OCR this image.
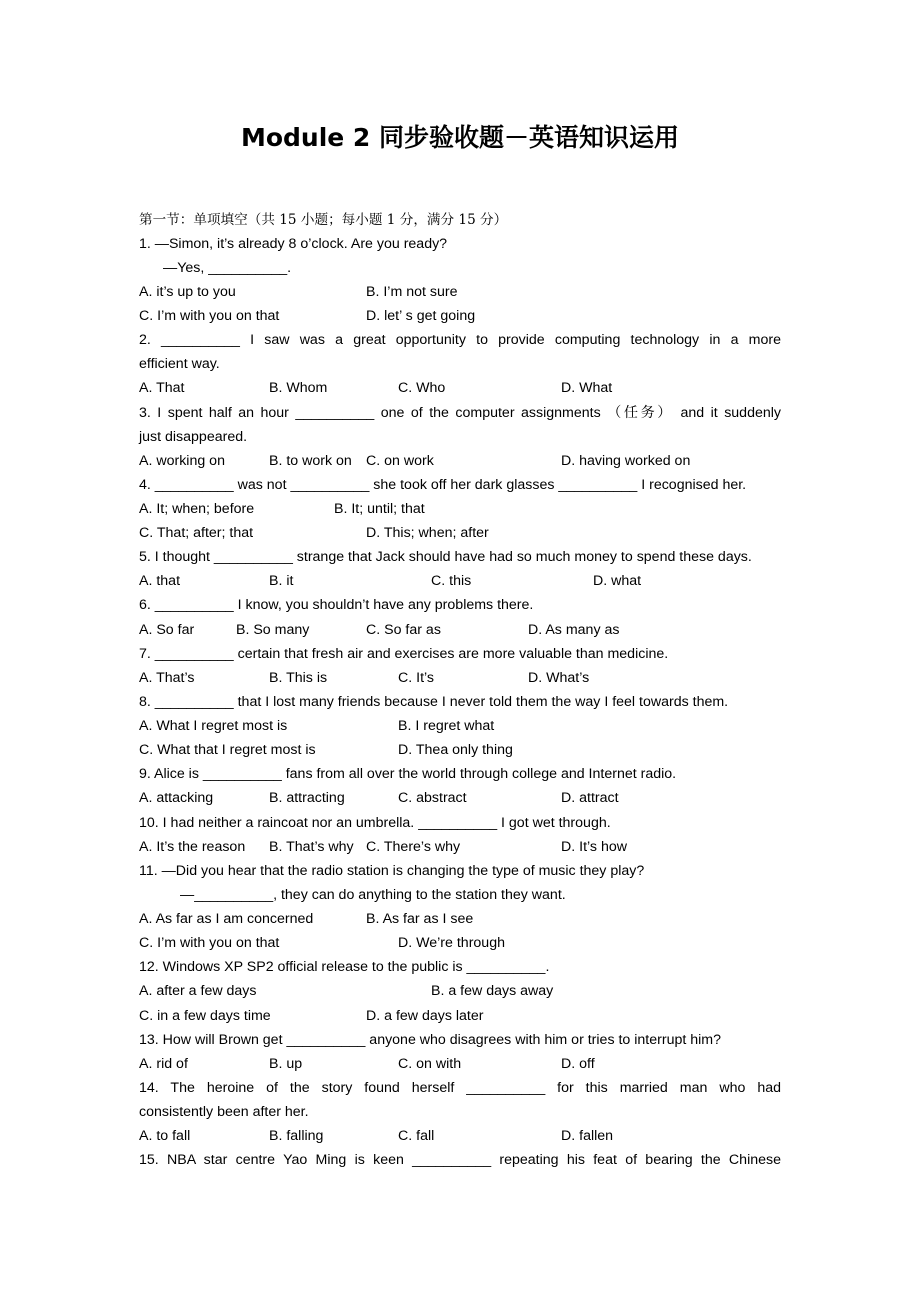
Module 2 同步验收题－英语知识运用
第一节：单项填空（共 15 小题；每小题 1 分，满分 15 分）
1. —Simon, it’s already 8 o’clock. Are you ready?
—Yes, __________.
A. it’s up to you	B. I’m not sure
C. I’m with you on that	D. let’ s get going
2. __________ I saw was a great opportunity to provide computing technology in a more
efficient way.
A. That	B. Whom	C. Who	D. What
3. I spent half an hour __________ one of the computer assignments （任务） and it suddenly
just disappeared.
A. working on	B. to work on C. on work	D. having worked on
4. __________ was not __________ she took off her dark glasses __________ I recognised her.
A. It; when; before	B. It; until; that
C. That; after; that	D. This; when; after
5. I thought __________ strange that Jack should have had so much money to spend these days.
A. that	B. it	C. this	D. what
6. __________ I know, you shouldn’t have any problems there.
A. So far	B. So many	C. So far as	D. As many as
7. __________ certain that fresh air and exercises are more valuable than medicine.
A. That’s	B. This is	C. It’s	D. What’s
8. __________ that I lost many friends because I never told them the way I feel towards them.
A. What I regret most is	B. I regret what
C. What that I regret most is	D. Thea only thing
9. Alice is __________ fans from all over the world through college and Internet radio.
A. attacking	B. attracting	C. abstract	D. attract
10. I had neither a raincoat nor an umbrella. __________ I got wet through.
A. It’s the reason B. That’s why C. There’s why	D. It’s how
11. —Did you hear that the radio station is changing the type of music they play?
—__________, they can do anything to the station they want.
A. As far as I am concerned	B. As far as I see
C. I’m with you on that	D. We’re through
12. Windows XP SP2 official release to the public is __________.
A. after a few days	B. a few days away
C. in a few days time	D. a few days later
13. How will Brown get __________ anyone who disagrees with him or tries to interrupt him?
A. rid of	B. up	C. on with	D. off
14. The heroine of the story found herself __________ for this married man who had
consistently been after her.
A. to fall	B. falling	C. fall	D. fallen
15. NBA star centre Yao Ming is keen __________ repeating his feat of bearing the Chinese
